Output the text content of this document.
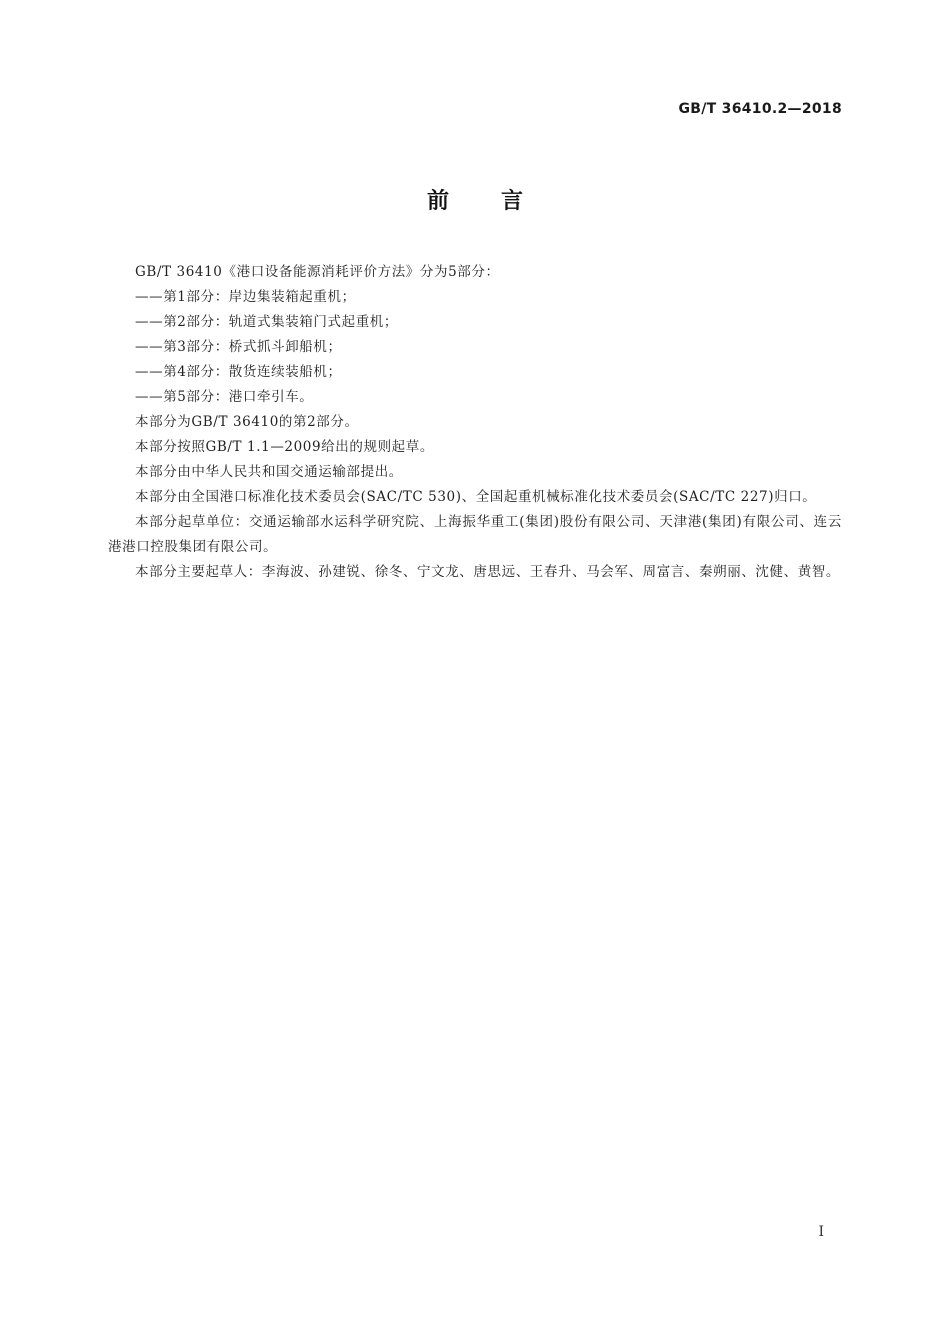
GB/T 36410.2—2018
前言

GB/T 36410《港口设备能源消耗评价方法》分为5部分：

——第1部分：岸边集装箱起重机；

——第2部分：轨道式集装箱门式起重机；

——第3部分：桥式抓斗卸船机；

——第4部分：散货连续装船机；

——第5部分：港口牵引车。

本部分为GB/T 36410的第2部分。

本部分按照GB/T 1.1—2009给出的规则起草。

本部分由中华人民共和国交通运输部提出。

本部分由全国港口标准化技术委员会(SAC/TC 530)、全国起重机械标准化技术委员会(SAC/TC 227)归口。

本部分起草单位：交通运输部水运科学研究院、上海振华重工(集团)股份有限公司、天津港(集团)有限公司、连云港港口控股集团有限公司。

本部分主要起草人：李海波、孙建锐、徐冬、宁文龙、唐思远、王春升、马会军、周富言、秦朔丽、沈健、黄智。

I
